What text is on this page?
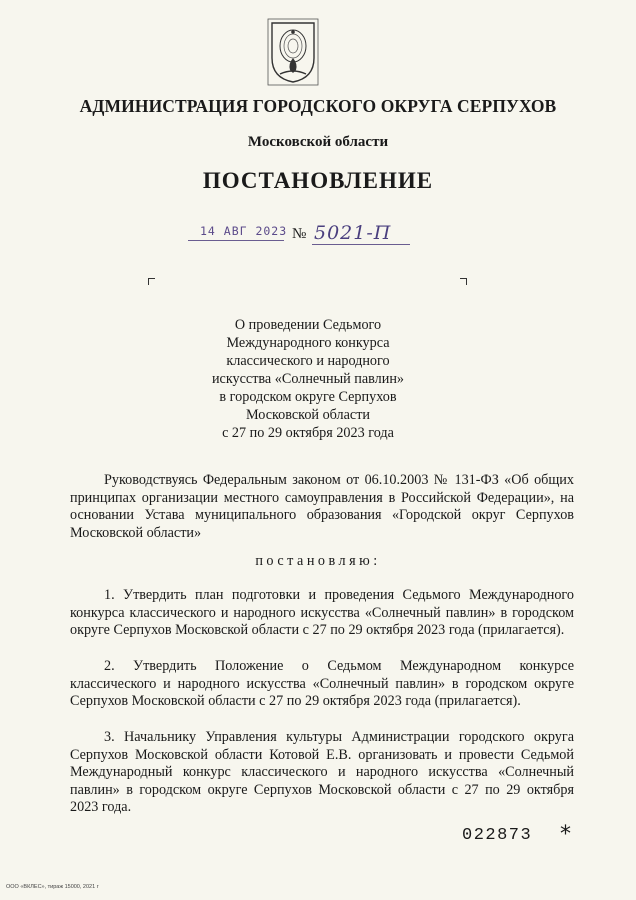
АДМИНИСТРАЦИЯ ГОРОДСКОГО ОКРУГА СЕРПУХОВ
Московской области
ПОСТАНОВЛЕНИЕ
14 АВГ 2023 № 5021-П
О проведении Седьмого
Международного конкурса
классического и народного
искусства «Солнечный павлин»
в городском округе Серпухов
Московской области
с 27 по 29 октября 2023 года
Руководствуясь Федеральным законом от 06.10.2003 № 131-ФЗ «Об общих принципах организации местного самоуправления в Российской Федерации», на основании Устава муниципального образования «Городской округ Серпухов Московской области»
постановляю:
1. Утвердить план подготовки и проведения Седьмого Международного конкурса классического и народного искусства «Солнечный павлин» в городском округе Серпухов Московской области с 27 по 29 октября 2023 года (прилагается).
2. Утвердить Положение о Седьмом Международном конкурсе классического и народного искусства «Солнечный павлин» в городском округе Серпухов Московской области с 27 по 29 октября 2023 года (прилагается).
3. Начальнику Управления культуры Администрации городского округа Серпухов Московской области Котовой Е.В. организовать и провести Седьмой Международный конкурс классического и народного искусства «Солнечный павлин» в городском округе Серпухов Московской области с 27 по 29 октября 2023 года.
022873 *
ООО «ВКЛЕС», тираж 15000, 2021 г
